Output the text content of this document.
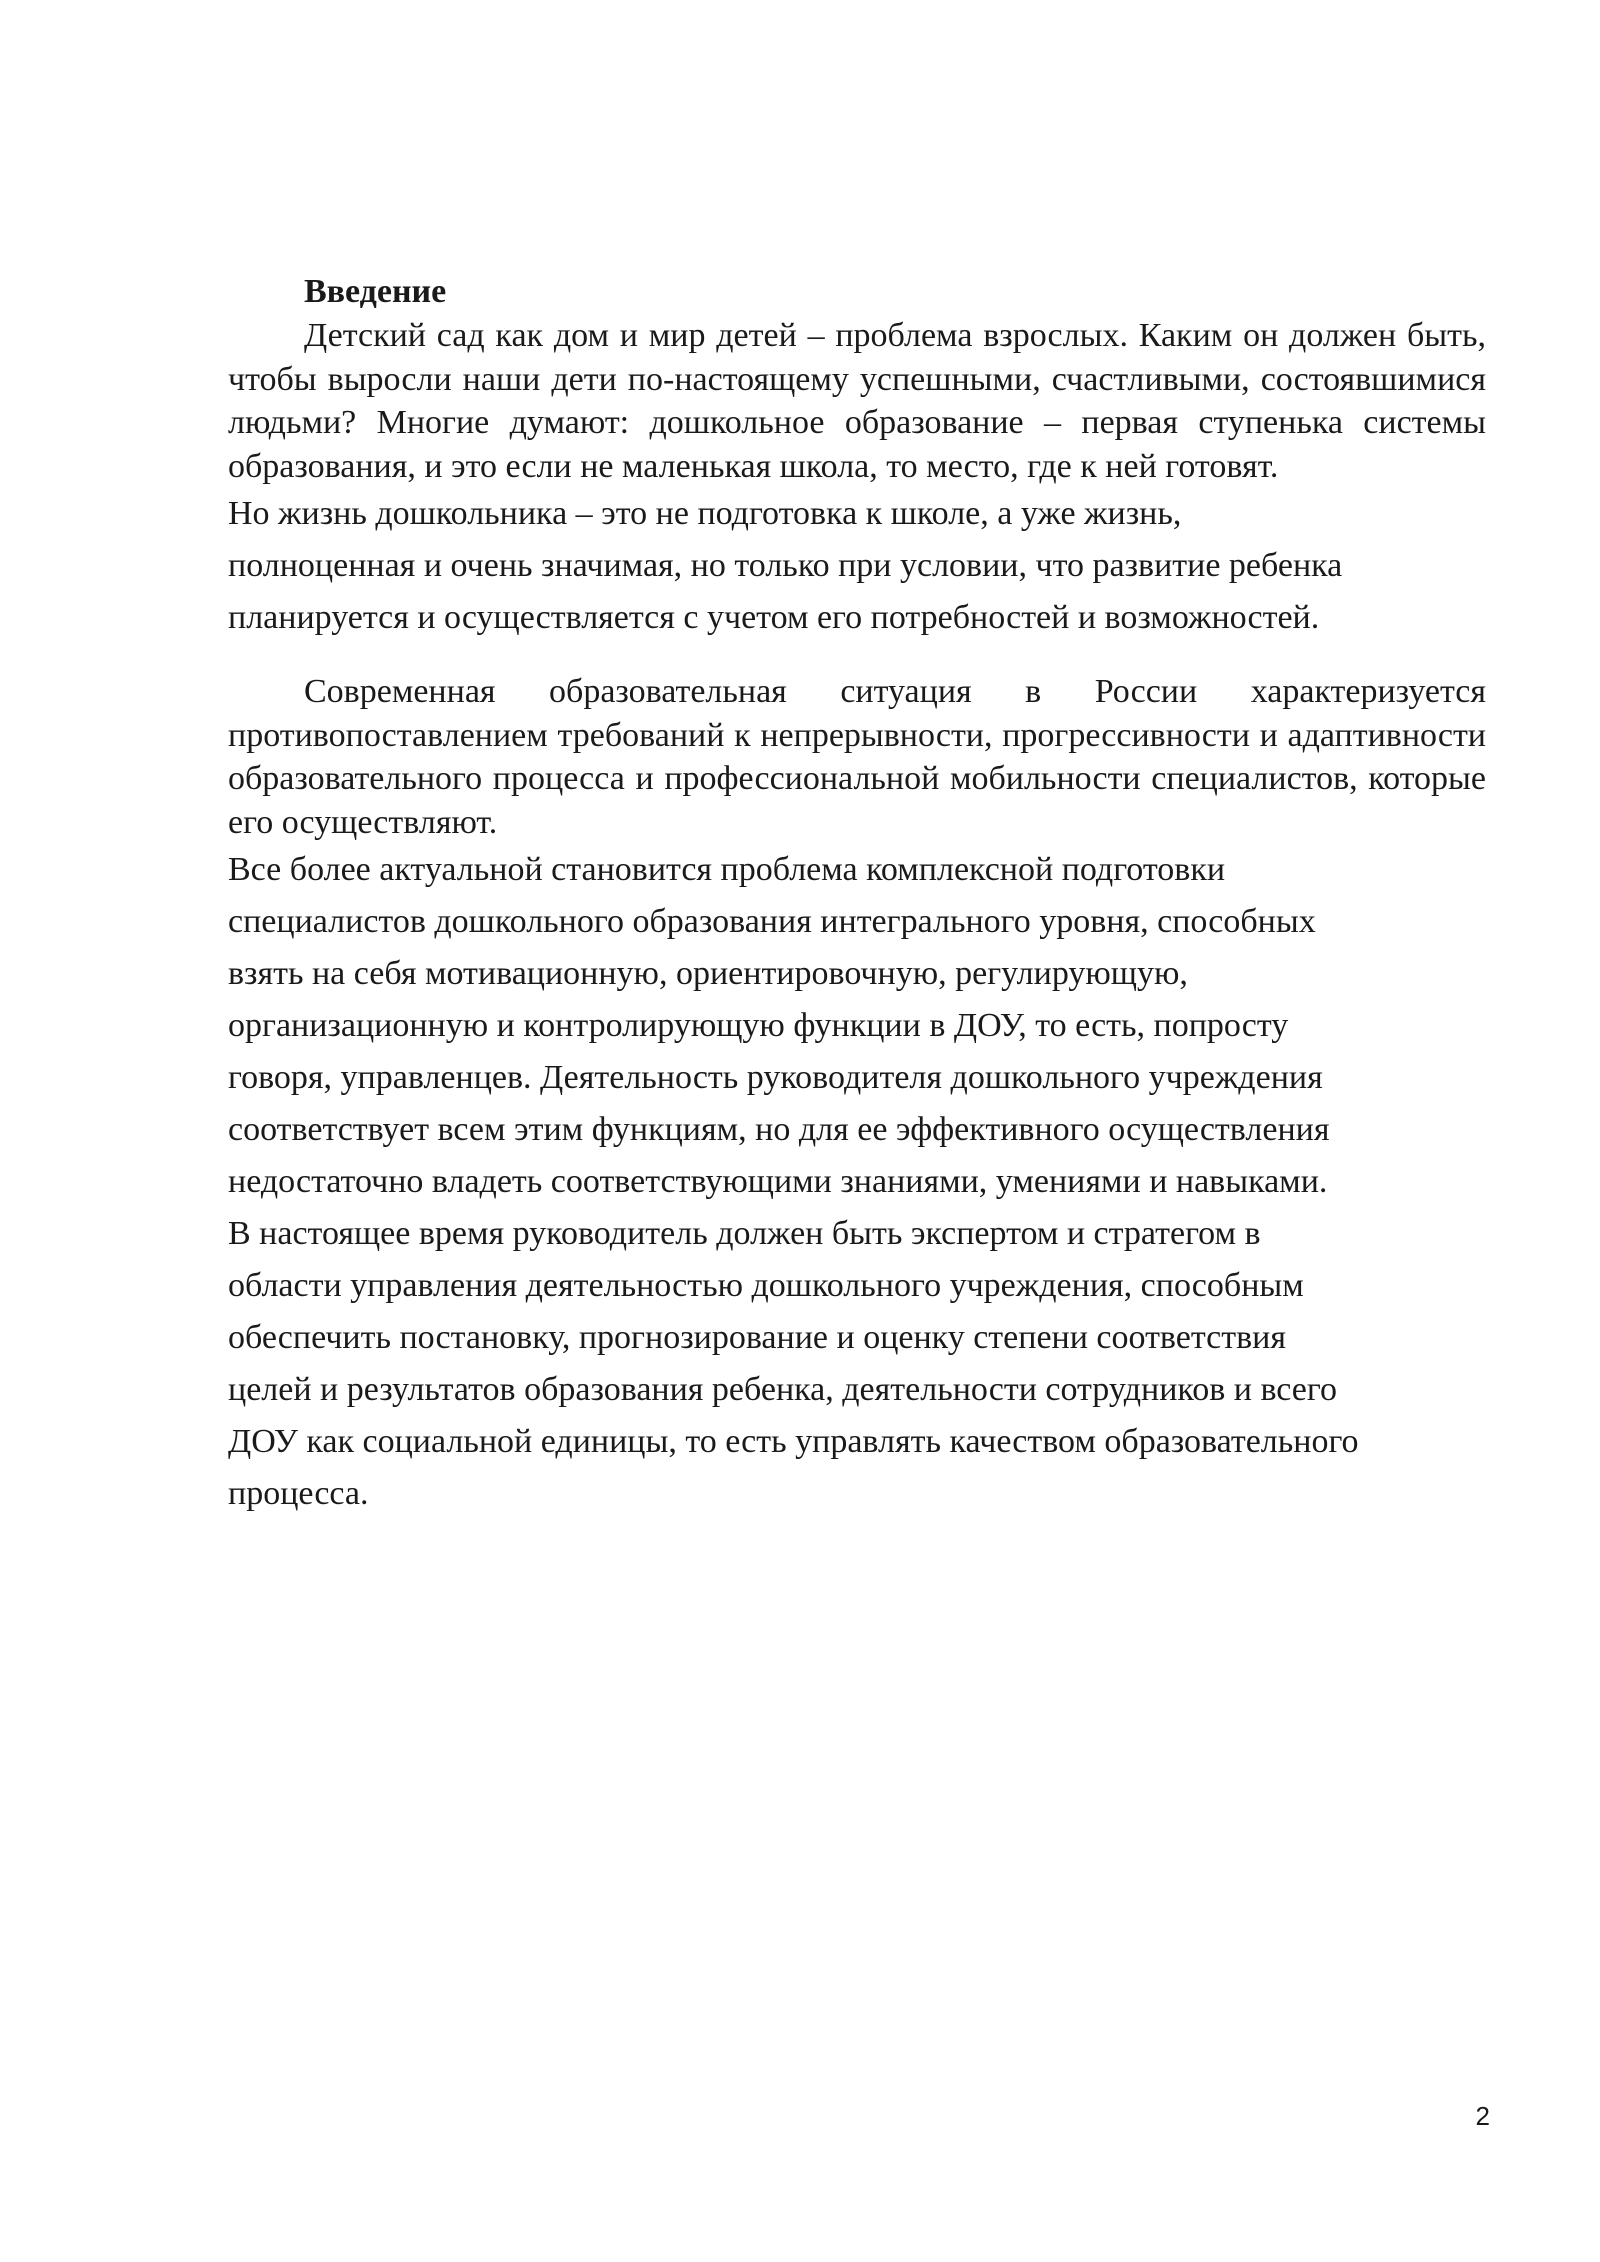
Введение

Детский сад как дом и мир детей – проблема взрослых. Каким он должен быть, чтобы выросли наши дети по-настоящему успешными, счастливыми, состоявшимися людьми? Многие думают: дошкольное образование – первая ступенька системы образования, и это если не маленькая школа, то место, где к ней готовят.

Но жизнь дошкольника – это не подготовка к школе, а уже жизнь,
полноценная и очень значимая, но только при условии, что развитие ребенка
планируется и осуществляется с учетом его потребностей и возможностей.

Современная образовательная ситуация в России характеризуется противопоставлением требований к непрерывности, прогрессивности и адаптивности образовательного процесса и профессиональной мобильности специалистов, которые его осуществляют.

Все более актуальной становится проблема комплексной подготовки
специалистов дошкольного образования интегрального уровня, способных
взять на себя мотивационную, ориентировочную, регулирующую,
организационную и контролирующую функции в ДОУ, то есть, попросту
говоря, управленцев. Деятельность руководителя дошкольного учреждения
соответствует всем этим функциям, но для ее эффективного осуществления
недостаточно владеть соответствующими знаниями, умениями и навыками.
В настоящее время руководитель должен быть экспертом и стратегом в
области управления деятельностью дошкольного учреждения, способным
обеспечить постановку, прогнозирование и оценку степени соответствия
целей и результатов образования ребенка, деятельности сотрудников и всего
ДОУ как социальной единицы, то есть управлять качеством образовательного
процесса.

2
